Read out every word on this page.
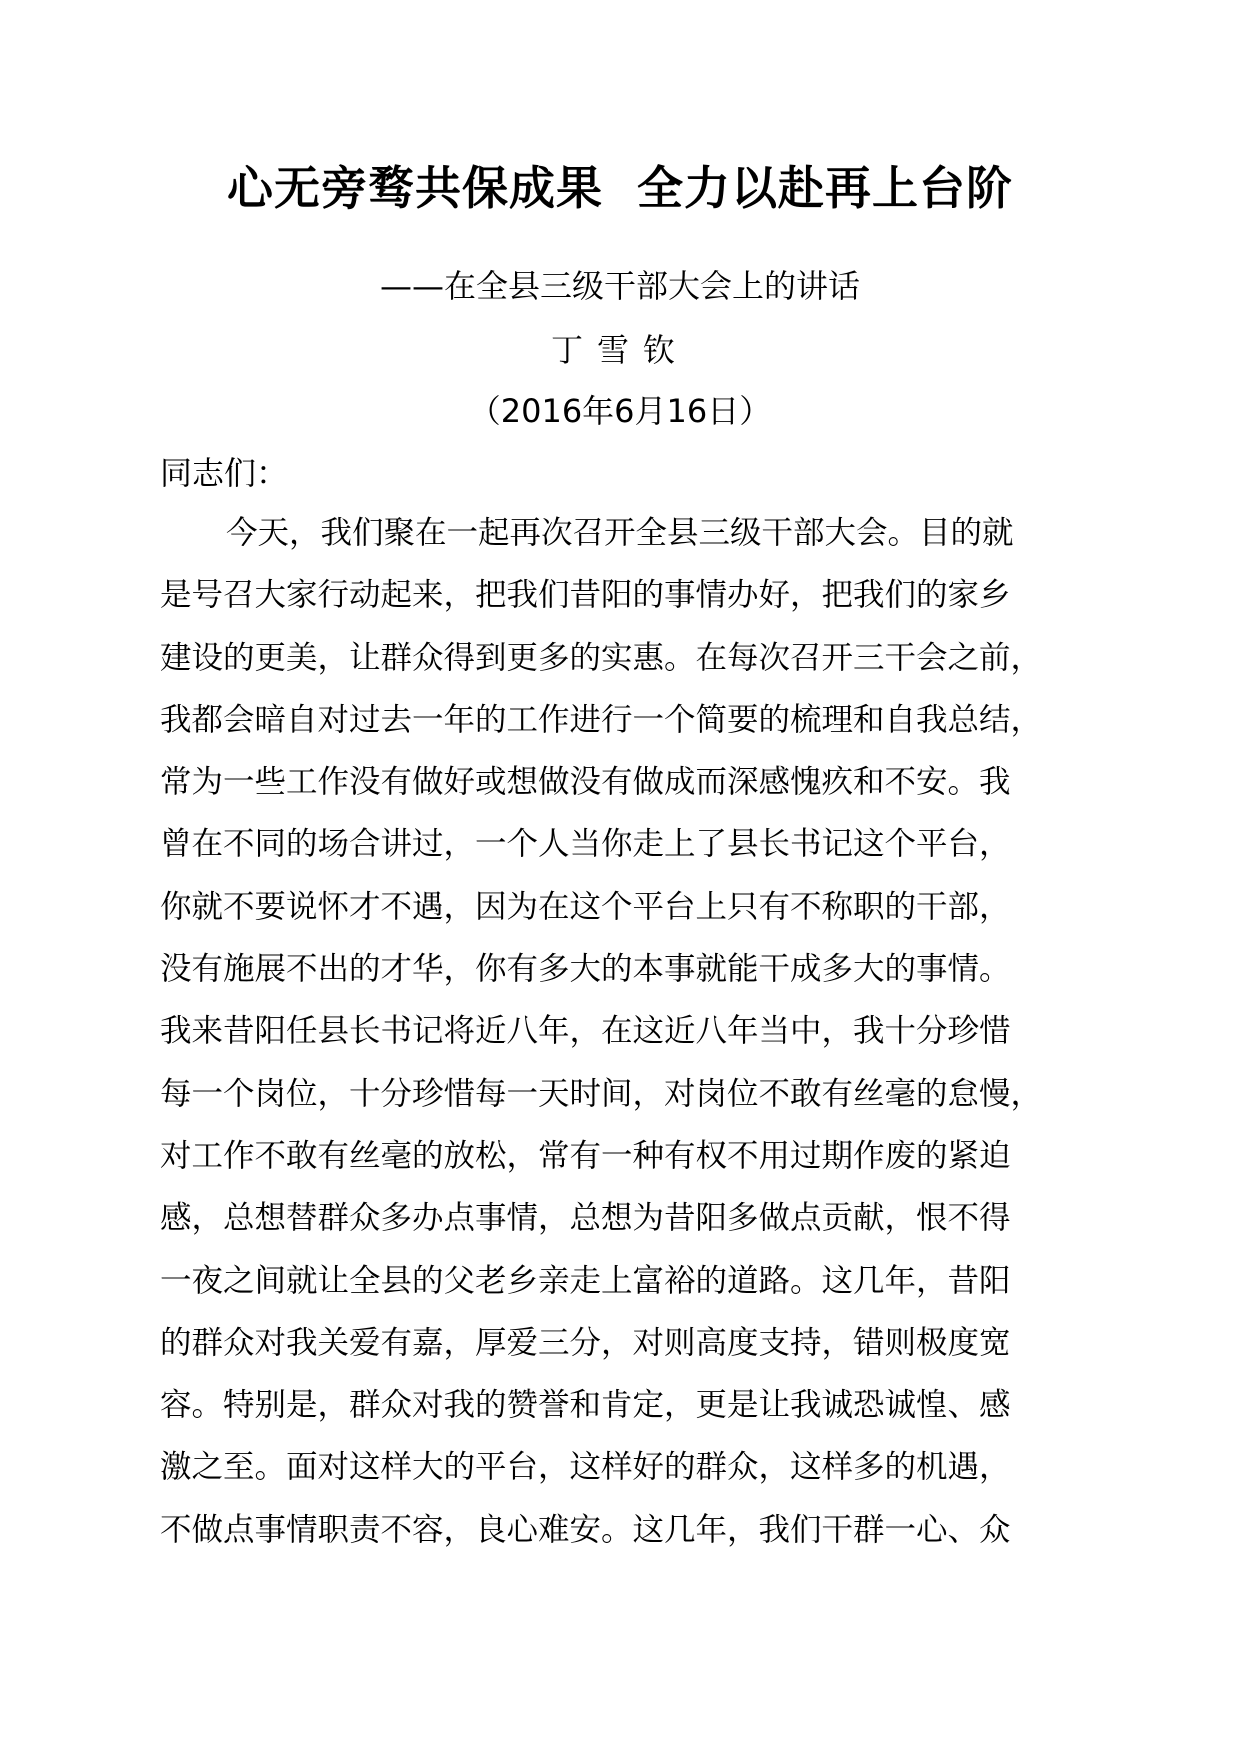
心无旁骛共保成果  全力以赴再上台阶
——在全县三级干部大会上的讲话
丁雪钦
（2016年6月16日）
同志们：
今天，我们聚在一起再次召开全县三级干部大会。目的就
是号召大家行动起来，把我们昔阳的事情办好，把我们的家乡
建设的更美，让群众得到更多的实惠。在每次召开三干会之前，
我都会暗自对过去一年的工作进行一个简要的梳理和自我总结，
常为一些工作没有做好或想做没有做成而深感愧疚和不安。我
曾在不同的场合讲过，一个人当你走上了县长书记这个平台，
你就不要说怀才不遇，因为在这个平台上只有不称职的干部，
没有施展不出的才华，你有多大的本事就能干成多大的事情。
我来昔阳任县长书记将近八年，在这近八年当中，我十分珍惜
每一个岗位，十分珍惜每一天时间，对岗位不敢有丝毫的怠慢，
对工作不敢有丝毫的放松，常有一种有权不用过期作废的紧迫
感，总想替群众多办点事情，总想为昔阳多做点贡献，恨不得
一夜之间就让全县的父老乡亲走上富裕的道路。这几年，昔阳
的群众对我关爱有嘉，厚爱三分，对则高度支持，错则极度宽
容。特别是，群众对我的赞誉和肯定，更是让我诚恐诚惶、感
激之至。面对这样大的平台，这样好的群众，这样多的机遇，
不做点事情职责不容，良心难安。这几年，我们干群一心、众
